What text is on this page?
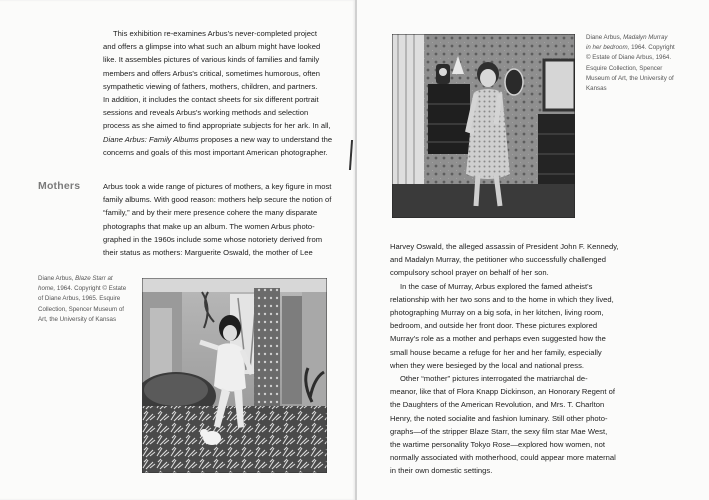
This exhibition re-examines Arbus's never-completed project

and offers a glimpse into what such an album might have looked

like. It assembles pictures of various kinds of families and family

members and offers Arbus's critical, sometimes humorous, often

sympathetic viewing of fathers, mothers, children, and partners.

In addition, it includes the contact sheets for six different portrait

sessions and reveals Arbus's working methods and selection

process as she aimed to find appropriate subjects for her ark. In all,

Diane Arbus: Family Albums proposes a new way to understand the

concerns and goals of this most important American photographer.

Mothers	Arbus took a wide range of pictures of mothers, a key figure in most

family albums. With good reason: mothers help secure the notion of

“family,” and by their mere presence cohere the many disparate

photographs that make up an album. The women Arbus photo-

graphed in the 1960s include some whose notoriety derived from

their status as mothers: Marguerite Oswald, the mother of Lee

Diane Arbus, Blaze Starr at
home, 1964. Copyright © Estate
of Diane Arbus, 1965. Esquire
Collection, Spencer Museum of
Art, the University of Kansas
Diane Arbus, Madalyn Murray
in her bedroom, 1964. Copyright
© Estate of Diane Arbus, 1964.
Esquire Collection, Spencer
Museum of Art, the University of
Kansas

Harvey Oswald, the alleged assassin of President John F. Kennedy,

and Madalyn Murray, the petitioner who successfully challenged

compulsory school prayer on behalf of her son.

In the case of Murray, Arbus explored the famed atheist's

relationship with her two sons and to the home in which they lived,

photographing Murray on a big sofa, in her kitchen, living room,

bedroom, and outside her front door. These pictures explored

Murray's role as a mother and perhaps even suggested how the

small house became a refuge for her and her family, especially

when they were besieged by the local and national press.

Other “mother” pictures interrogated the matriarchal de-

meanor, like that of Flora Knapp Dickinson, an Honorary Regent of

the Daughters of the American Revolution, and Mrs. T. Charlton

Henry, the noted socialite and fashion luminary. Still other photo-

graphs—of the stripper Blaze Starr, the sexy film star Mae West,

the wartime personality Tokyo Rose—explored how women, not

normally associated with motherhood, could appear more maternal

in their own domestic settings.
